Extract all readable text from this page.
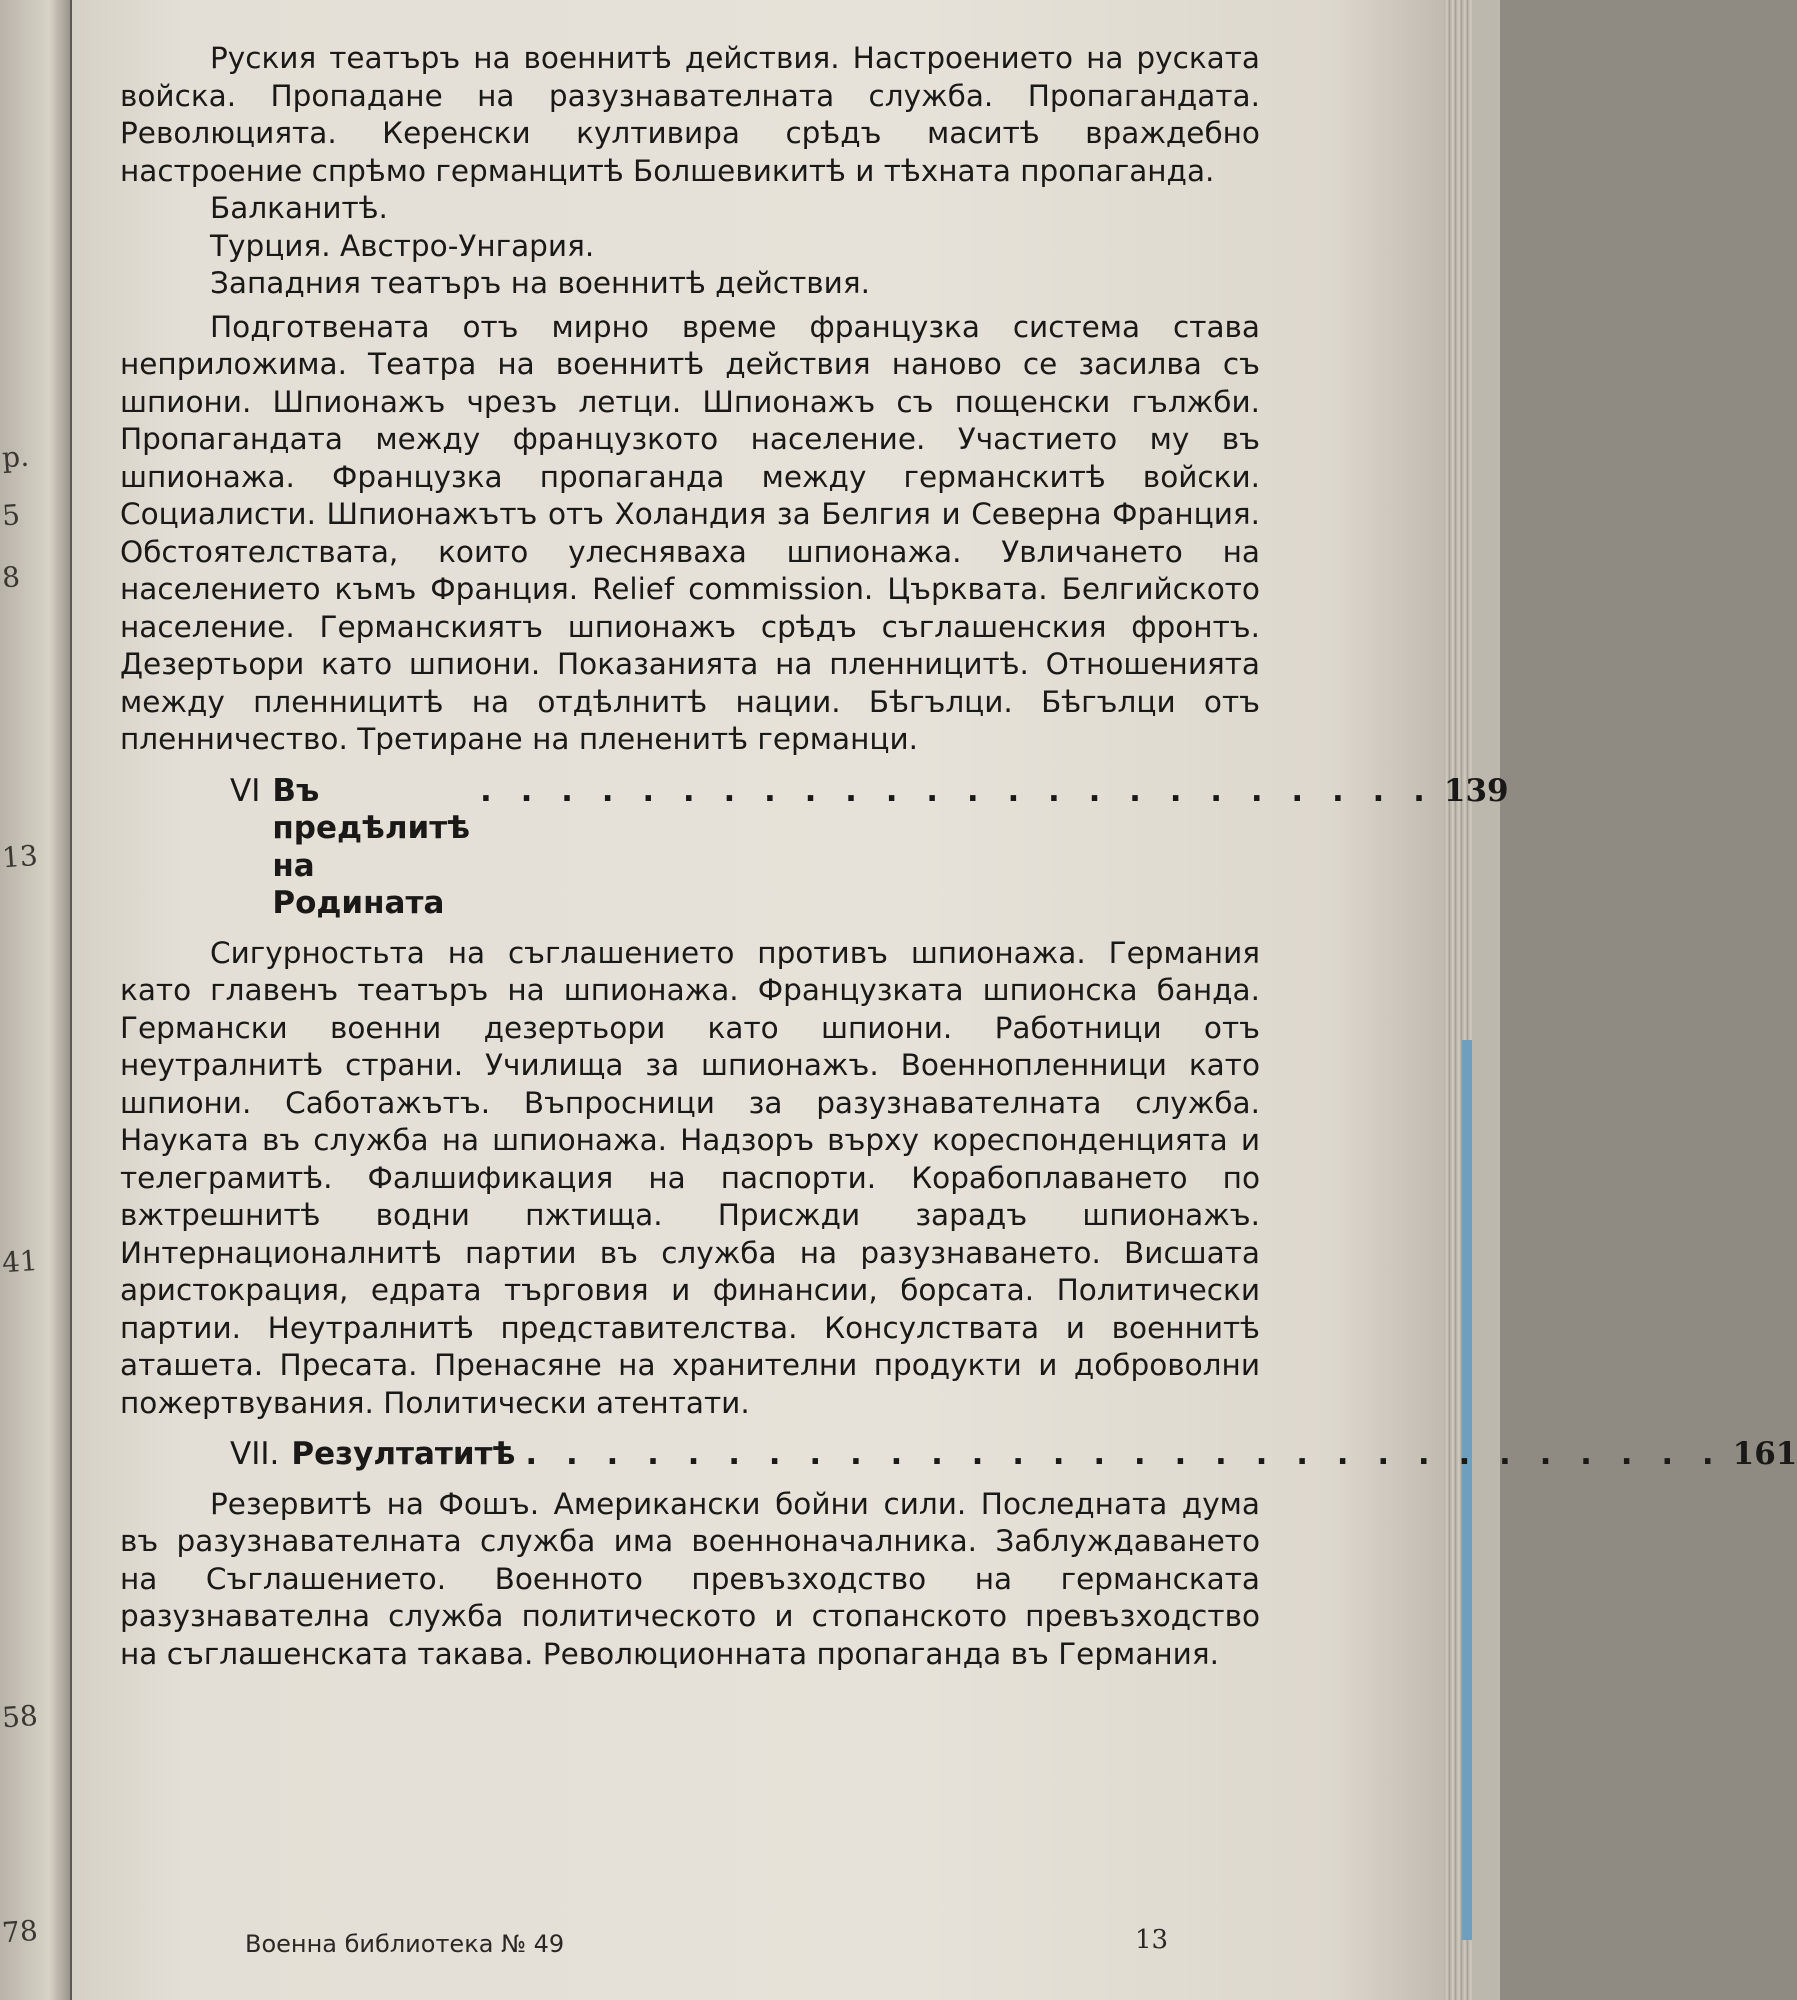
р.
5
8
13
41
58
78

Руския театъръ на военнитѣ действия. Настроението на руската войска. Пропадане на разузнавателната служба. Пропагандата. Революцията. Керенски култивира срѣдъ маситѣ враждебно настроение спрѣмо германцитѣ Болшевикитѣ и тѣхната пропаганда.

Балканитѣ.

Турция. Австро-Унгария.

Западния театъръ на военнитѣ действия.

Подготвената отъ мирно време французка система става неприложима. Театра на военнитѣ действия наново се засилва съ шпиони. Шпионажъ чрезъ летци. Шпионажъ съ пощенски гължби. Пропагандата между французкото население. Участието му въ шпионажа. Французка пропаганда между германскитѣ войски. Социалисти. Шпионажътъ отъ Холандия за Белгия и Северна Франция. Обстоятелствата, които улесняваха шпионажа. Увличането на населението къмъ Франция. Relief commission. Църквата. Белгийското население. Германскиятъ шпионажъ срѣдъ съглашенския фронтъ. Дезертьори като шпиони. Показанията на пленницитѣ. Отношенията между пленницитѣ на отдѣлнитѣ нации. Бѣгълци. Бѣгълци отъ пленничество. Третиране на плененитѣ германци.

VI Въ предѣлитѣ на Родината
. . . . . . . . . . . . . . . . . . . . . . . . 139

Сигурностьта на съглашението противъ шпионажа. Германия като главенъ театъръ на шпионажа. Французката шпионска банда. Германски военни дезертьори като шпиони. Работници отъ неутралнитѣ страни. Училища за шпионажъ. Военнопленници като шпиони. Саботажътъ. Въпросници за разузнавателната служба. Науката въ служба на шпионажа. Надзоръ върху кореспонденцията и телеграмитѣ. Фалшификация на паспорти. Корабоплаването по вжтрешнитѣ водни пжтища. Присжди зарадъ шпионажъ. Интернационалнитѣ партии въ служба на разузнаването. Висшата аристокрация, едрата търговия и финансии, борсата. Политически партии. Неутралнитѣ представителства. Консулствата и военнитѣ аташета. Пресата. Пренасяне на хранителни продукти и доброволни пожертвувания. Политически атентати.

VII. Резултатитѣ . . . . . . . . . . . . . . . . . . . . . . . . . . . . . . 161

Резервитѣ на Фошъ. Американски бойни сили. Последната дума въ разузнавателната служба има военноначалника. Заблуждаването на Съглашението. Военното превъзходство на германската разузнавателна служба политическото и стопанското превъзходство на съглашенската такава. Революционната пропаганда въ Германия.

Военна библиотека № 49	13
